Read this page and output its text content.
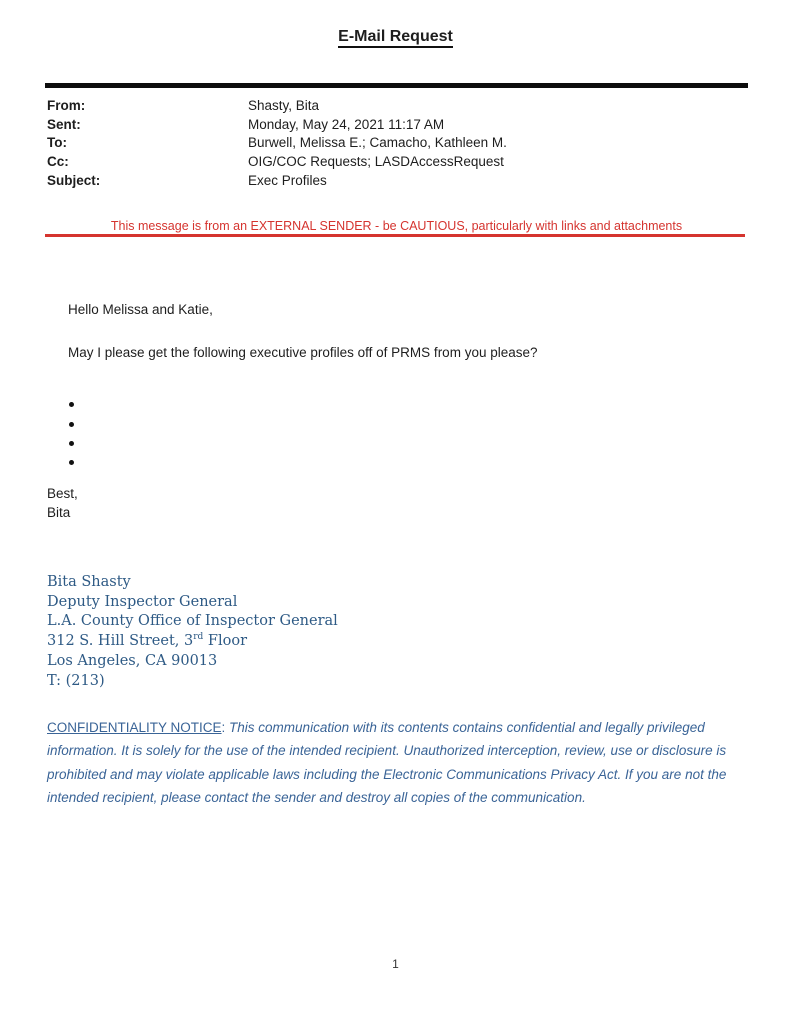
E-Mail Request
From:	Shasty, Bita
Sent:	Monday, May 24, 2021 11:17 AM
To:	Burwell, Melissa E.; Camacho, Kathleen M.
Cc:	OIG/COC Requests; LASDAccessRequest
Subject:	Exec Profiles
This message is from an EXTERNAL SENDER - be CAUTIOUS, particularly with links and attachments

Hello Melissa and Katie,

May I please get the following executive profiles off of PRMS from you please?

Best,
Bita

Bita Shasty
Deputy Inspector General
L.A. County Office of Inspector General
312 S. Hill Street, 3rd Floor
Los Angeles, CA 90013
T: (213)
CONFIDENTIALITY NOTICE: This communication with its contents contains confidential and legally privileged information. It is solely for the use of the intended recipient. Unauthorized interception, review, use or disclosure is prohibited and may violate applicable laws including the Electronic Communications Privacy Act. If you are not the intended recipient, please contact the sender and destroy all copies of the communication.
1
